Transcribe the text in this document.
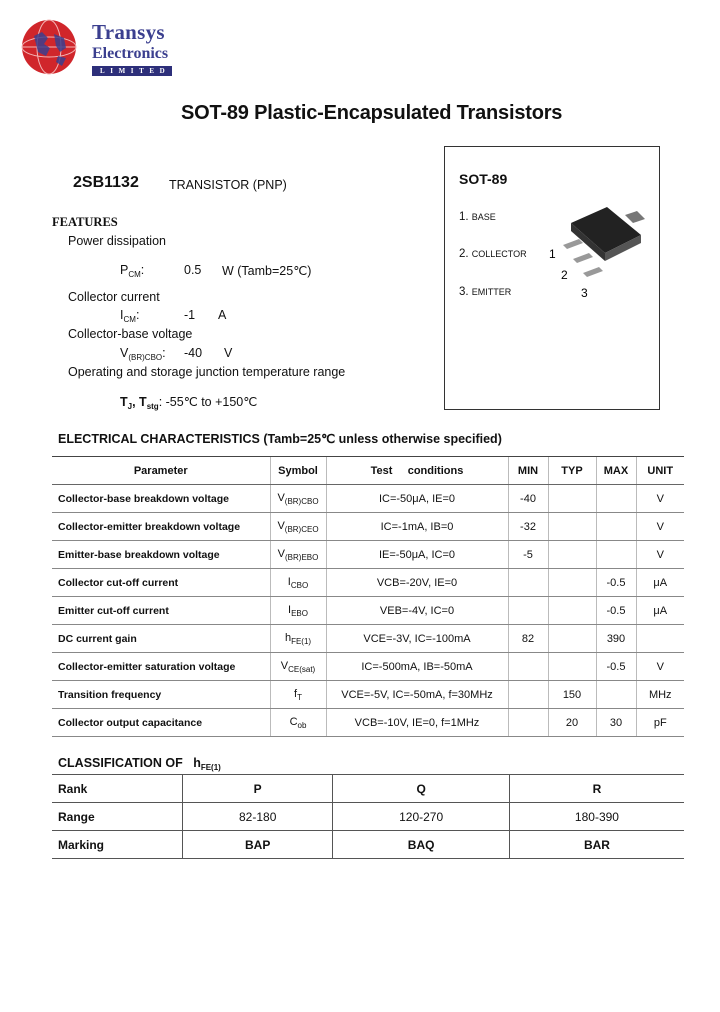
Transys
Electronics
LIMITED
SOT-89 Plastic-Encapsulated Transistors
2SB1132 TRANSISTOR (PNP)	SOT-89
1. BASE
2. COLLECTOR
3. EMITTER
1
2
3
FEATURES
Power dissipation
$P_{CM}$:	0.5 W (Tamb=25℃)
Collector current
$I_{CM}$:	-1 A
Collector-base voltage
$V_{(BR)CBO}$: -40 V
Operating and storage junction temperature range
$T_J$, $T_{stg}$: -55℃ to +150℃
ELECTRICAL CHARACTERISTICS (Tamb=25℃ unless otherwise specified)
Parameter	Symbol	Test     conditions	MIN	TYP	MAX	UNIT
Collector-base breakdown voltage	$V_{(BR)CBO}$	IC=-50μA, IE=0	-40			V
Collector-emitter breakdown voltage	$V_{(BR)CEO}$	IC=-1mA, IB=0	-32			V
Emitter-base breakdown voltage	$V_{(BR)EBO}$	IE=-50μA, IC=0	-5			V
Collector cut-off current	$I_{CBO}$	VCB=-20V, IE=0			-0.5	μA
Emitter cut-off current	$I_{EBO}$	VEB=-4V, IC=0			-0.5	μA
DC current gain	$h_{FE(1)}$	VCE=-3V, IC=-100mA	82		390	
Collector-emitter saturation voltage	$V_{CE(sat)}$	IC=-500mA, IB=-50mA			-0.5	V
Transition frequency	$f_T$	VCE=-5V, IC=-50mA, f=30MHz		150		MHz
Collector output capacitance	$C_{ob}$	VCB=-10V, IE=0, f=1MHz		20	30	pF
CLASSIFICATION OF $h_{FE(1)}$
Rank	P	Q	R
Range	82-180	120-270	180-390
Marking	BAP	BAQ	BAR
